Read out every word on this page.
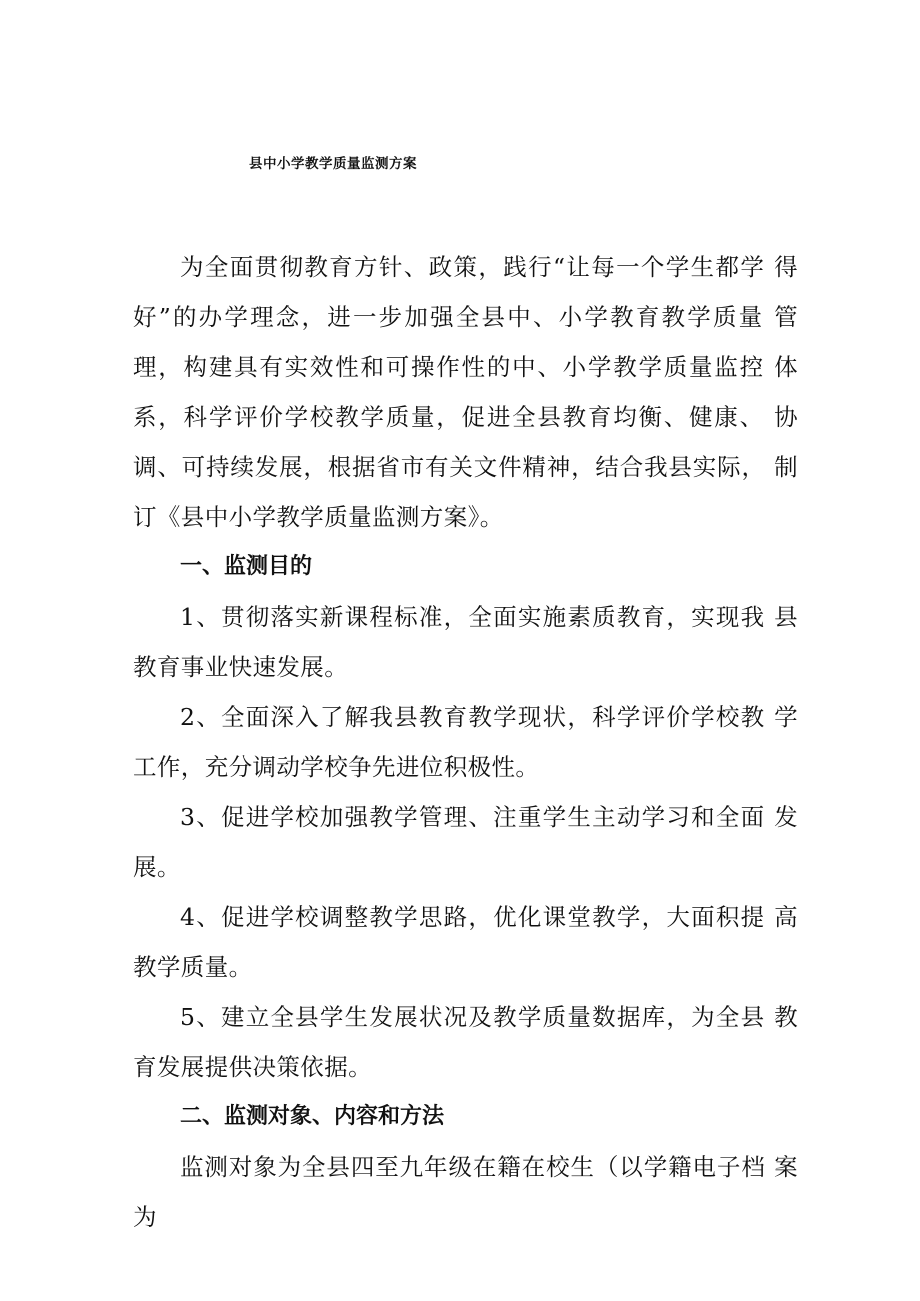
县中小学教学质量监测方案

为全面贯彻教育方针、政策，践行“让每一个学生都学 得好”的办学理念，进一步加强全县中、小学教育教学质量 管理，构建具有实效性和可操作性的中、小学教学质量监控 体系，科学评价学校教学质量，促进全县教育均衡、健康、 协调、可持续发展，根据省市有关文件精神，结合我县实际， 制订《县中小学教学质量监测方案》。

一、监测目的

1、贯彻落实新课程标准，全面实施素质教育，实现我 县教育事业快速发展。

2、全面深入了解我县教育教学现状，科学评价学校教 学工作，充分调动学校争先进位积极性。

3、促进学校加强教学管理、注重学生主动学习和全面 发展。

4、促进学校调整教学思路，优化课堂教学，大面积提 高教学质量。

5、建立全县学生发展状况及教学质量数据库，为全县 教育发展提供决策依据。

二、监测对象、内容和方法

监测对象为全县四至九年级在籍在校生（以学籍电子档 案为
